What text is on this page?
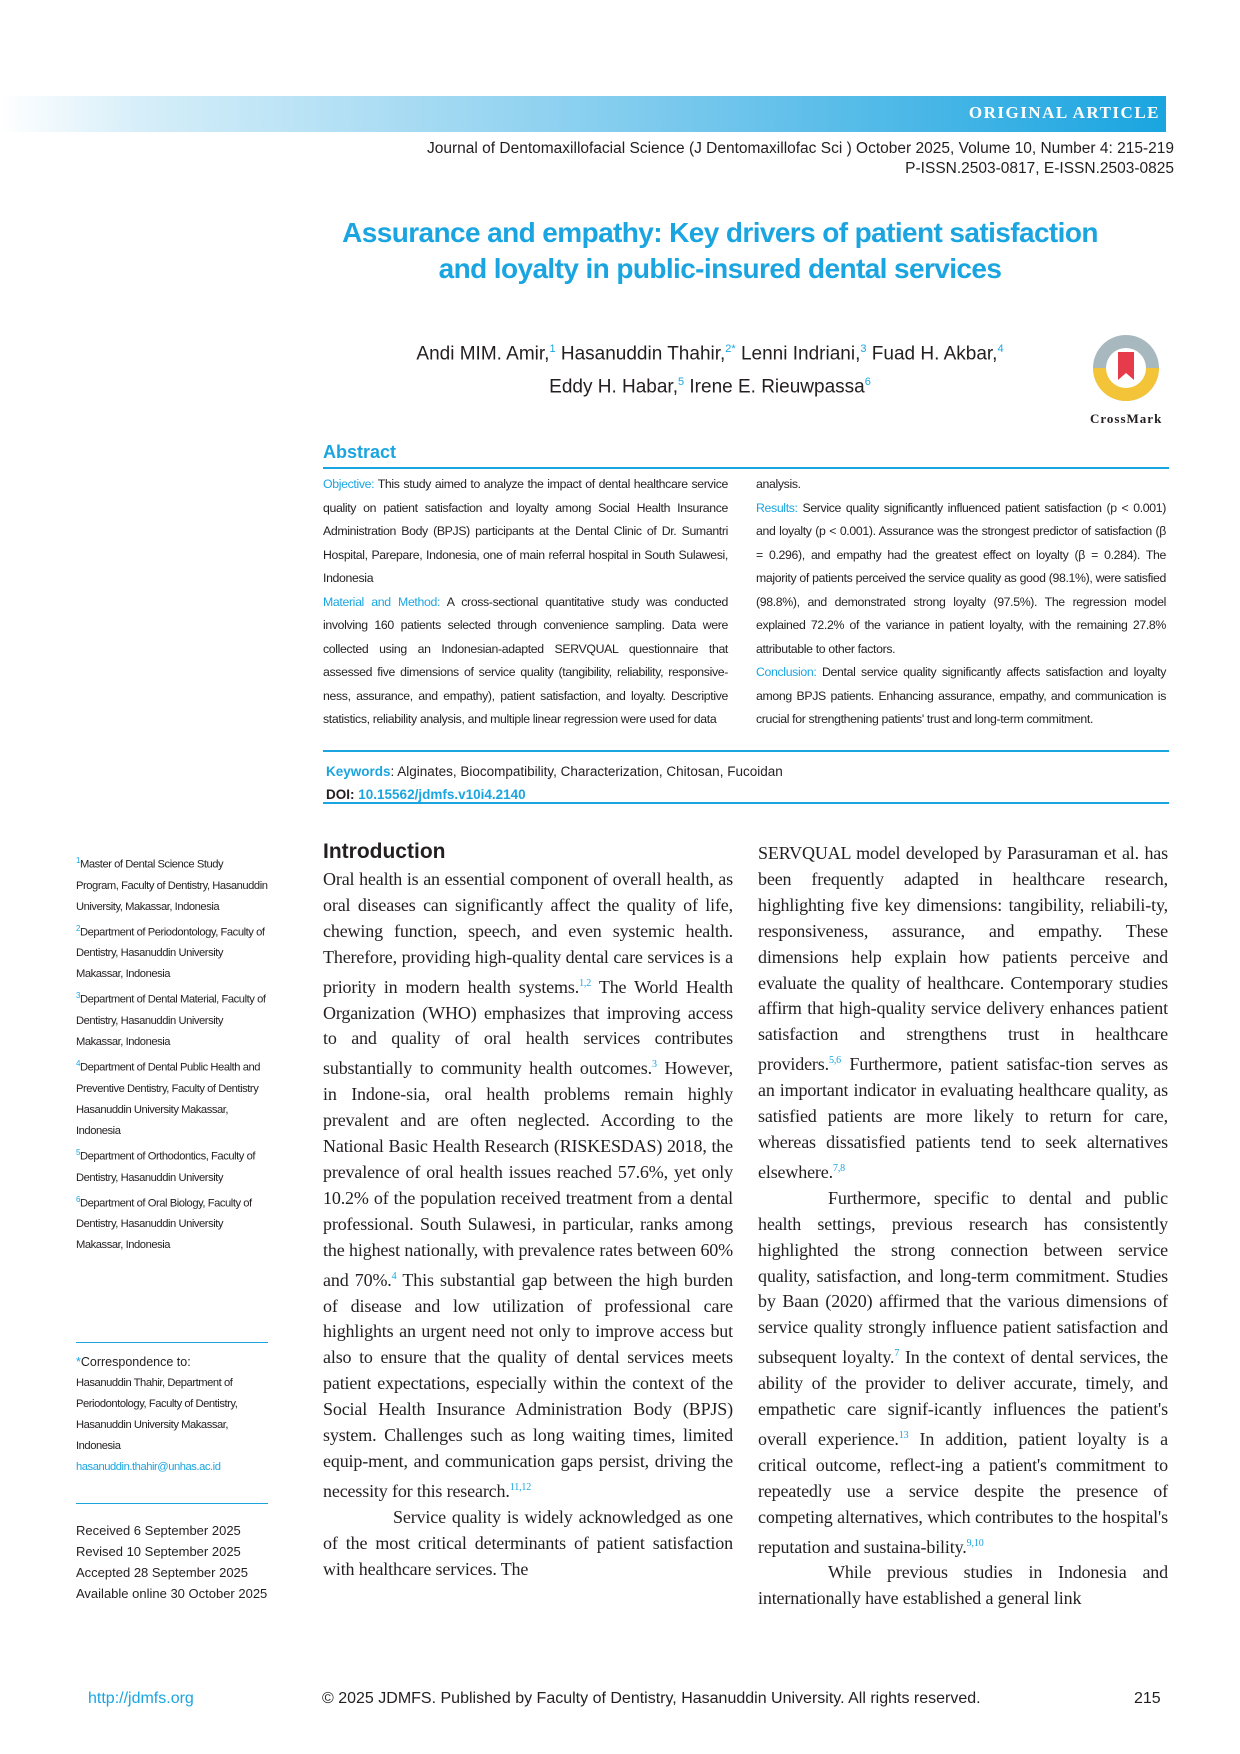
ORIGINAL ARTICLE
Journal of Dentomaxillofacial Science (J Dentomaxillofac Sci ) October 2025, Volume 10, Number 4: 215-219
P-ISSN.2503-0817, E-ISSN.2503-0825
Assurance and empathy: Key drivers of patient satisfaction
and loyalty in public-insured dental services
Andi MIM. Amir,$^1$ Hasanuddin Thahir,$^{2*}$ Lenni Indriani,$^3$ Fuad H. Akbar,$^4$
Eddy H. Habar,$^5$ Irene E. Rieuwpassa$^6$
CrossMark
Abstract

Objective: This study aimed to analyze the impact of dental healthcare service quality on patient satisfaction and loyalty among Social Health Insurance Administration Body (BPJS) participants at the Dental Clinic of Dr. Sumantri Hospital, Parepare, Indonesia, one of main referral hospital in South Sulawesi, Indonesia

Material and Method: A cross-sectional quantitative study was conducted involving 160 patients selected through convenience sampling. Data were collected using an Indonesian-adapted SERVQUAL questionnaire that assessed five dimensions of service quality (tangibility, reliability, responsive-ness, assurance, and empathy), patient satisfaction, and loyalty. Descriptive statistics, reliability analysis, and multiple linear regression were used for data

analysis.

Results: Service quality significantly influenced patient satisfaction (p < 0.001) and loyalty (p < 0.001). Assurance was the strongest predictor of satisfaction (β = 0.296), and empathy had the greatest effect on loyalty (β = 0.284). The majority of patients perceived the service quality as good (98.1%), were satisfied (98.8%), and demonstrated strong loyalty (97.5%). The regression model explained 72.2% of the variance in patient loyalty, with the remaining 27.8% attributable to other factors.

Conclusion: Dental service quality significantly affects satisfaction and loyalty among BPJS patients. Enhancing assurance, empathy, and communication is crucial for strengthening patients' trust and long-term commitment.

Keywords: Alginates, Biocompatibility, Characterization, Chitosan, Fucoidan
DOI: 10.15562/jdmfs.v10i4.2140

$^1$Master of Dental Science Study Program, Faculty of Dentistry, Hasanuddin University, Makassar, Indonesia

$^2$Department of Periodontology, Faculty of Dentistry, Hasanuddin University Makassar, Indonesia

$^3$Department of Dental Material, Faculty of Dentistry, Hasanuddin University Makassar, Indonesia

$^4$Department of Dental Public Health and Preventive Dentistry, Faculty of Dentistry Hasanuddin University Makassar, Indonesia

$^5$Department of Orthodontics, Faculty of Dentistry, Hasanuddin University

$^6$Department of Oral Biology, Faculty of Dentistry, Hasanuddin University Makassar, Indonesia

*Correspondence to:
Hasanuddin Thahir, Department of Periodontology, Faculty of Dentistry, Hasanuddin University Makassar, Indonesia
hasanuddin.thahir@unhas.ac.id
Received 6 September 2025
Revised 10 September 2025
Accepted 28 September 2025
Available online 30 October 2025
Introduction

Oral health is an essential component of overall health, as oral diseases can significantly affect the quality of life, chewing function, speech, and even systemic health. Therefore, providing high-quality dental care services is a priority in modern health systems.$^{1,2}$ The World Health Organization (WHO) emphasizes that improving access to and quality of oral health services contributes substantially to community health outcomes.$^3$ However, in Indone-sia, oral health problems remain highly prevalent and are often neglected. According to the National Basic Health Research (RISKESDAS) 2018, the prevalence of oral health issues reached 57.6%, yet only 10.2% of the population received treatment from a dental professional. South Sulawesi, in particular, ranks among the highest nationally, with prevalence rates between 60% and 70%.$^4$ This substantial gap between the high burden of disease and low utilization of professional care highlights an urgent need not only to improve access but also to ensure that the quality of dental services meets patient expectations, especially within the context of the Social Health Insurance Administration Body (BPJS) system. Challenges such as long waiting times, limited equip-ment, and communication gaps persist, driving the necessity for this research.$^{11,12}$

Service quality is widely acknowledged as one of the most critical determinants of patient satisfaction with healthcare services. The

SERVQUAL model developed by Parasuraman et al. has been frequently adapted in healthcare research, highlighting five key dimensions: tangibility, reliabili-ty, responsiveness, assurance, and empathy. These dimensions help explain how patients perceive and evaluate the quality of healthcare. Contemporary studies affirm that high-quality service delivery enhances patient satisfaction and strengthens trust in healthcare providers.$^{5,6}$ Furthermore, patient satisfac-tion serves as an important indicator in evaluating healthcare quality, as satisfied patients are more likely to return for care, whereas dissatisfied patients tend to seek alternatives elsewhere.$^{7,8}$

Furthermore, specific to dental and public health settings, previous research has consistently highlighted the strong connection between service quality, satisfaction, and long-term commitment. Studies by Baan (2020) affirmed that the various dimensions of service quality strongly influence patient satisfaction and subsequent loyalty.$^7$ In the context of dental services, the ability of the provider to deliver accurate, timely, and empathetic care signif-icantly influences the patient's overall experience.$^{13}$ In addition, patient loyalty is a critical outcome, reflect-ing a patient's commitment to repeatedly use a service despite the presence of competing alternatives, which contributes to the hospital's reputation and sustaina-bility.$^{9,10}$

While previous studies in Indonesia and internationally have established a general link

http://jdmfs.org	© 2025 JDMFS. Published by Faculty of Dentistry, Hasanuddin University. All rights reserved.	215
